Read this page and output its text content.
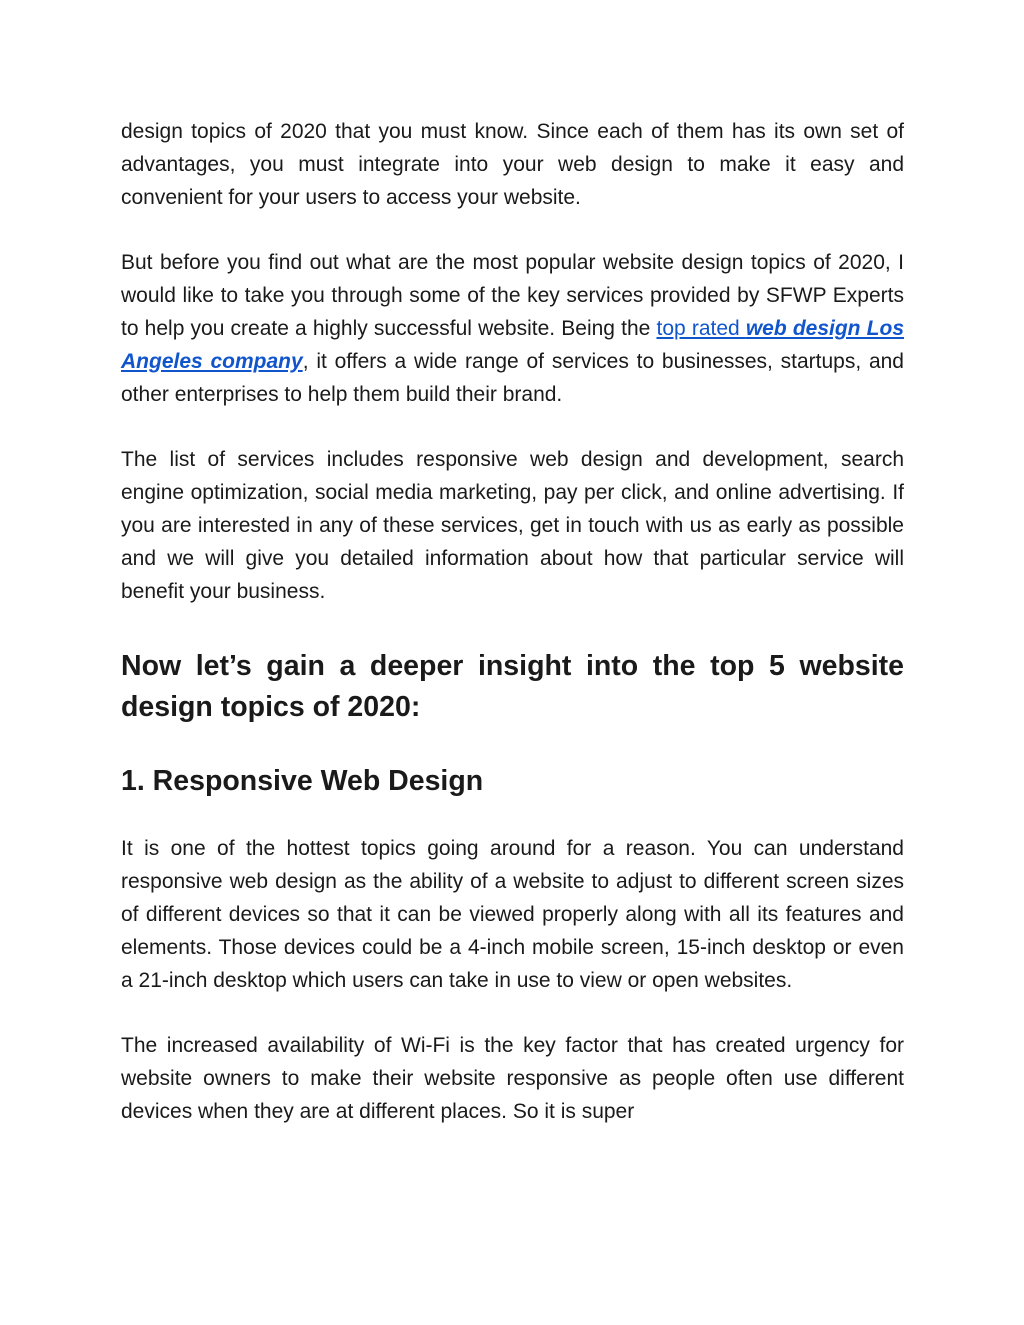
design topics of 2020 that you must know. Since each of them has its own set of advantages, you must integrate into your web design to make it easy and convenient for your users to access your website.

But before you find out what are the most popular website design topics of 2020, I would like to take you through some of the key services provided by SFWP Experts to help you create a highly successful website. Being the top rated web design Los Angeles company, it offers a wide range of services to businesses, startups, and other enterprises to help them build their brand.

The list of services includes responsive web design and development, search engine optimization, social media marketing, pay per click, and online advertising. If you are interested in any of these services, get in touch with us as early as possible and we will give you detailed information about how that particular service will benefit your business.

Now let’s gain a deeper insight into the top 5 website design topics of 2020:
1. Responsive Web Design

It is one of the hottest topics going around for a reason. You can understand responsive web design as the ability of a website to adjust to different screen sizes of different devices so that it can be viewed properly along with all its features and elements. Those devices could be a 4-inch mobile screen, 15-inch desktop or even a 21-inch desktop which users can take in use to view or open websites.

The increased availability of Wi-Fi is the key factor that has created urgency for website owners to make their website responsive as people often use different devices when they are at different places. So it is super
